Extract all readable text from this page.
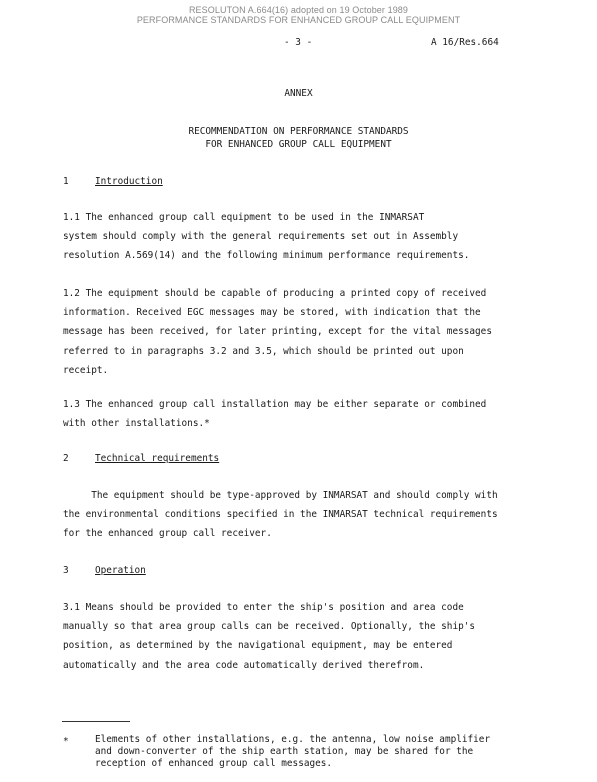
RESOLUTON A.664(16) adopted on 19 October 1989
PERFORMANCE STANDARDS FOR ENHANCED GROUP CALL EQUIPMENT
- 3 -	A 16/Res.664
ANNEX
RECOMMENDATION ON PERFORMANCE STANDARDS
FOR ENHANCED GROUP CALL EQUIPMENT
1	Introduction
1.1 The enhanced group call equipment to be used in the INMARSAT
system should comply with the general requirements set out in Assembly
resolution A.569(14) and the following minimum performance requirements.
1.2 The equipment should be capable of producing a printed copy of received
information. Received EGC messages may be stored, with indication that the
message has been received, for later printing, except for the vital messages
referred to in paragraphs 3.2 and 3.5, which should be printed out upon
receipt.
1.3 The enhanced group call installation may be either separate or combined
with other installations.*
2	Technical requirements
The equipment should be type-approved by INMARSAT and should comply with
the environmental conditions specified in the INMARSAT technical requirements
for the enhanced group call receiver.
3	Operation
3.1 Means should be provided to enter the ship's position and area code
manually so that area group calls can be received. Optionally, the ship's
position, as determined by the navigational equipment, may be entered
automatically and the area code automatically derived therefrom.
*	Elements of other installations, e.g. the antenna, low noise amplifier
and down-converter of the ship earth station, may be shared for the
reception of enhanced group call messages.
